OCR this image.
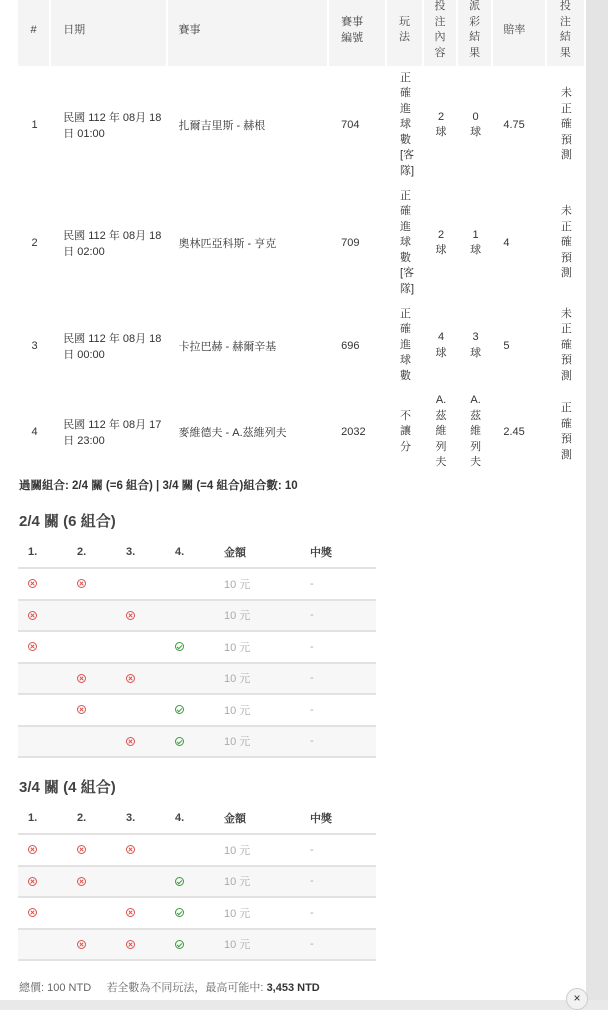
#	日期	賽事	賽事編號	玩法	投注內容	派彩結果	賠率	投注結果

1	民國 112 年 08月 18日 01:00	扎爾吉里斯 - 赫根	704	正確進球數[客隊]	2球	0球	4.75	未正確預測

2	民國 112 年 08月 18日 02:00	奧林匹亞科斯 - 亨克	709	正確進球數[客隊]	2球	1球	4	未正確預測

3	民國 112 年 08月 18日 00:00	卡拉巴赫 - 赫爾辛基	696	正確進球數	4球	3球	5	未正確預測

4	民國 112 年 08月 17日 23:00	麥維德夫 - A.茲維列夫	2032	不讓分	A.茲維列夫	A.茲維列夫	2.45	正確預測
過關組合: 2/4 關 (=6 組合) | 3/4 關 (=4 組合)組合數: 10
2/4 關 (6 組合)
1.	2.	3.	4.	金額	中獎
				10 元	-
				10 元	-
				10 元	-
				10 元	-
				10 元	-
				10 元	-
3/4 關 (4 組合)
1.	2.	3.	4.	金額	中獎
				10 元	-
				10 元	-
				10 元	-
				10 元	-
總價: 100 NTD 若全數為不同玩法，最高可能中: 3,453 NTD
×
